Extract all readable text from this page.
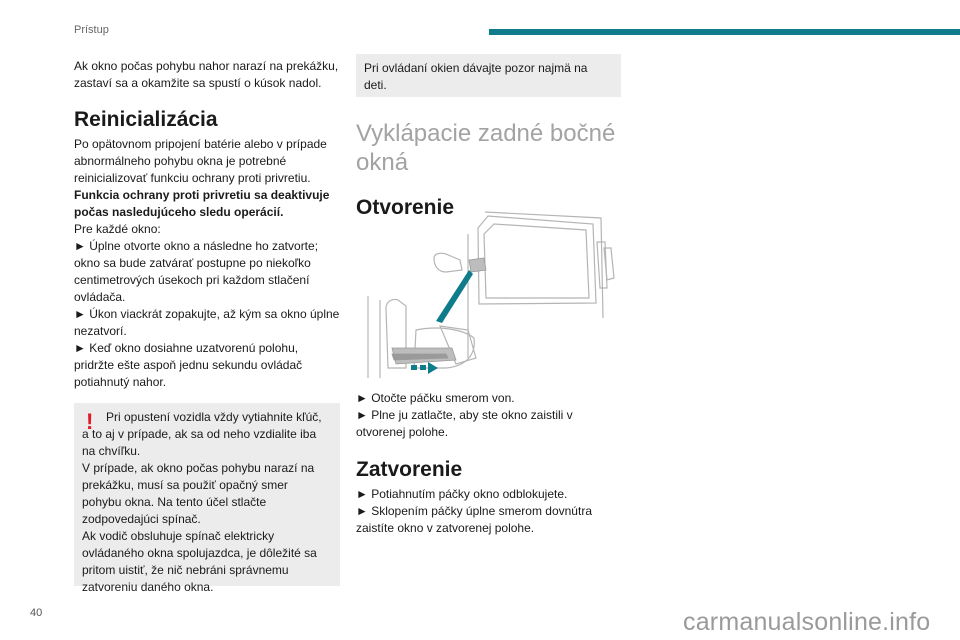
Prístup

Ak okno počas pohybu nahor narazí na prekážku, zastaví sa a okamžite sa spustí o kúsok nadol.

Reinicializácia

Po opätovnom pripojení batérie alebo v prípade abnormálneho pohybu okna je potrebné reinicializovať funkciu ochrany proti privretiu.

Funkcia ochrany proti privretiu sa deaktivuje počas nasledujúceho sledu operácií.

Pre každé okno:

► Úplne otvorte okno a následne ho zatvorte; okno sa bude zatvárať postupne po niekoľko centimetrových úsekoch pri každom stlačení ovládača.

► Úkon viackrát zopakujte, až kým sa okno úplne nezatvorí.

► Keď okno dosiahne uzatvorenú polohu, pridržte ešte aspoň jednu sekundu ovládač potiahnutý nahor.

!	Pri opustení vozidla vždy vytiahnite kľúč, a to aj v prípade, ak sa od neho vzdialite iba na chvíľku.

V prípade, ak okno počas pohybu narazí na prekážku, musí sa použiť opačný smer pohybu okna. Na tento účel stlačte zodpovedajúci spínač.

Ak vodič obsluhuje spínač elektricky ovládaného okna spolujazdca, je dôležité sa pritom uistiť, že nič nebráni správnemu zatvoreniu daného okna.

Pri ovládaní okien dávajte pozor najmä na deti.

Vyklápacie zadné bočné okná
Otvorenie

► Otočte páčku smerom von.

► Plne ju zatlačte, aby ste okno zaistili v otvorenej polohe.

Zatvorenie

► Potiahnutím páčky okno odblokujete.

► Sklopením páčky úplne smerom dovnútra zaistíte okno v zatvorenej polohe.

40	carmanualsonline.info
